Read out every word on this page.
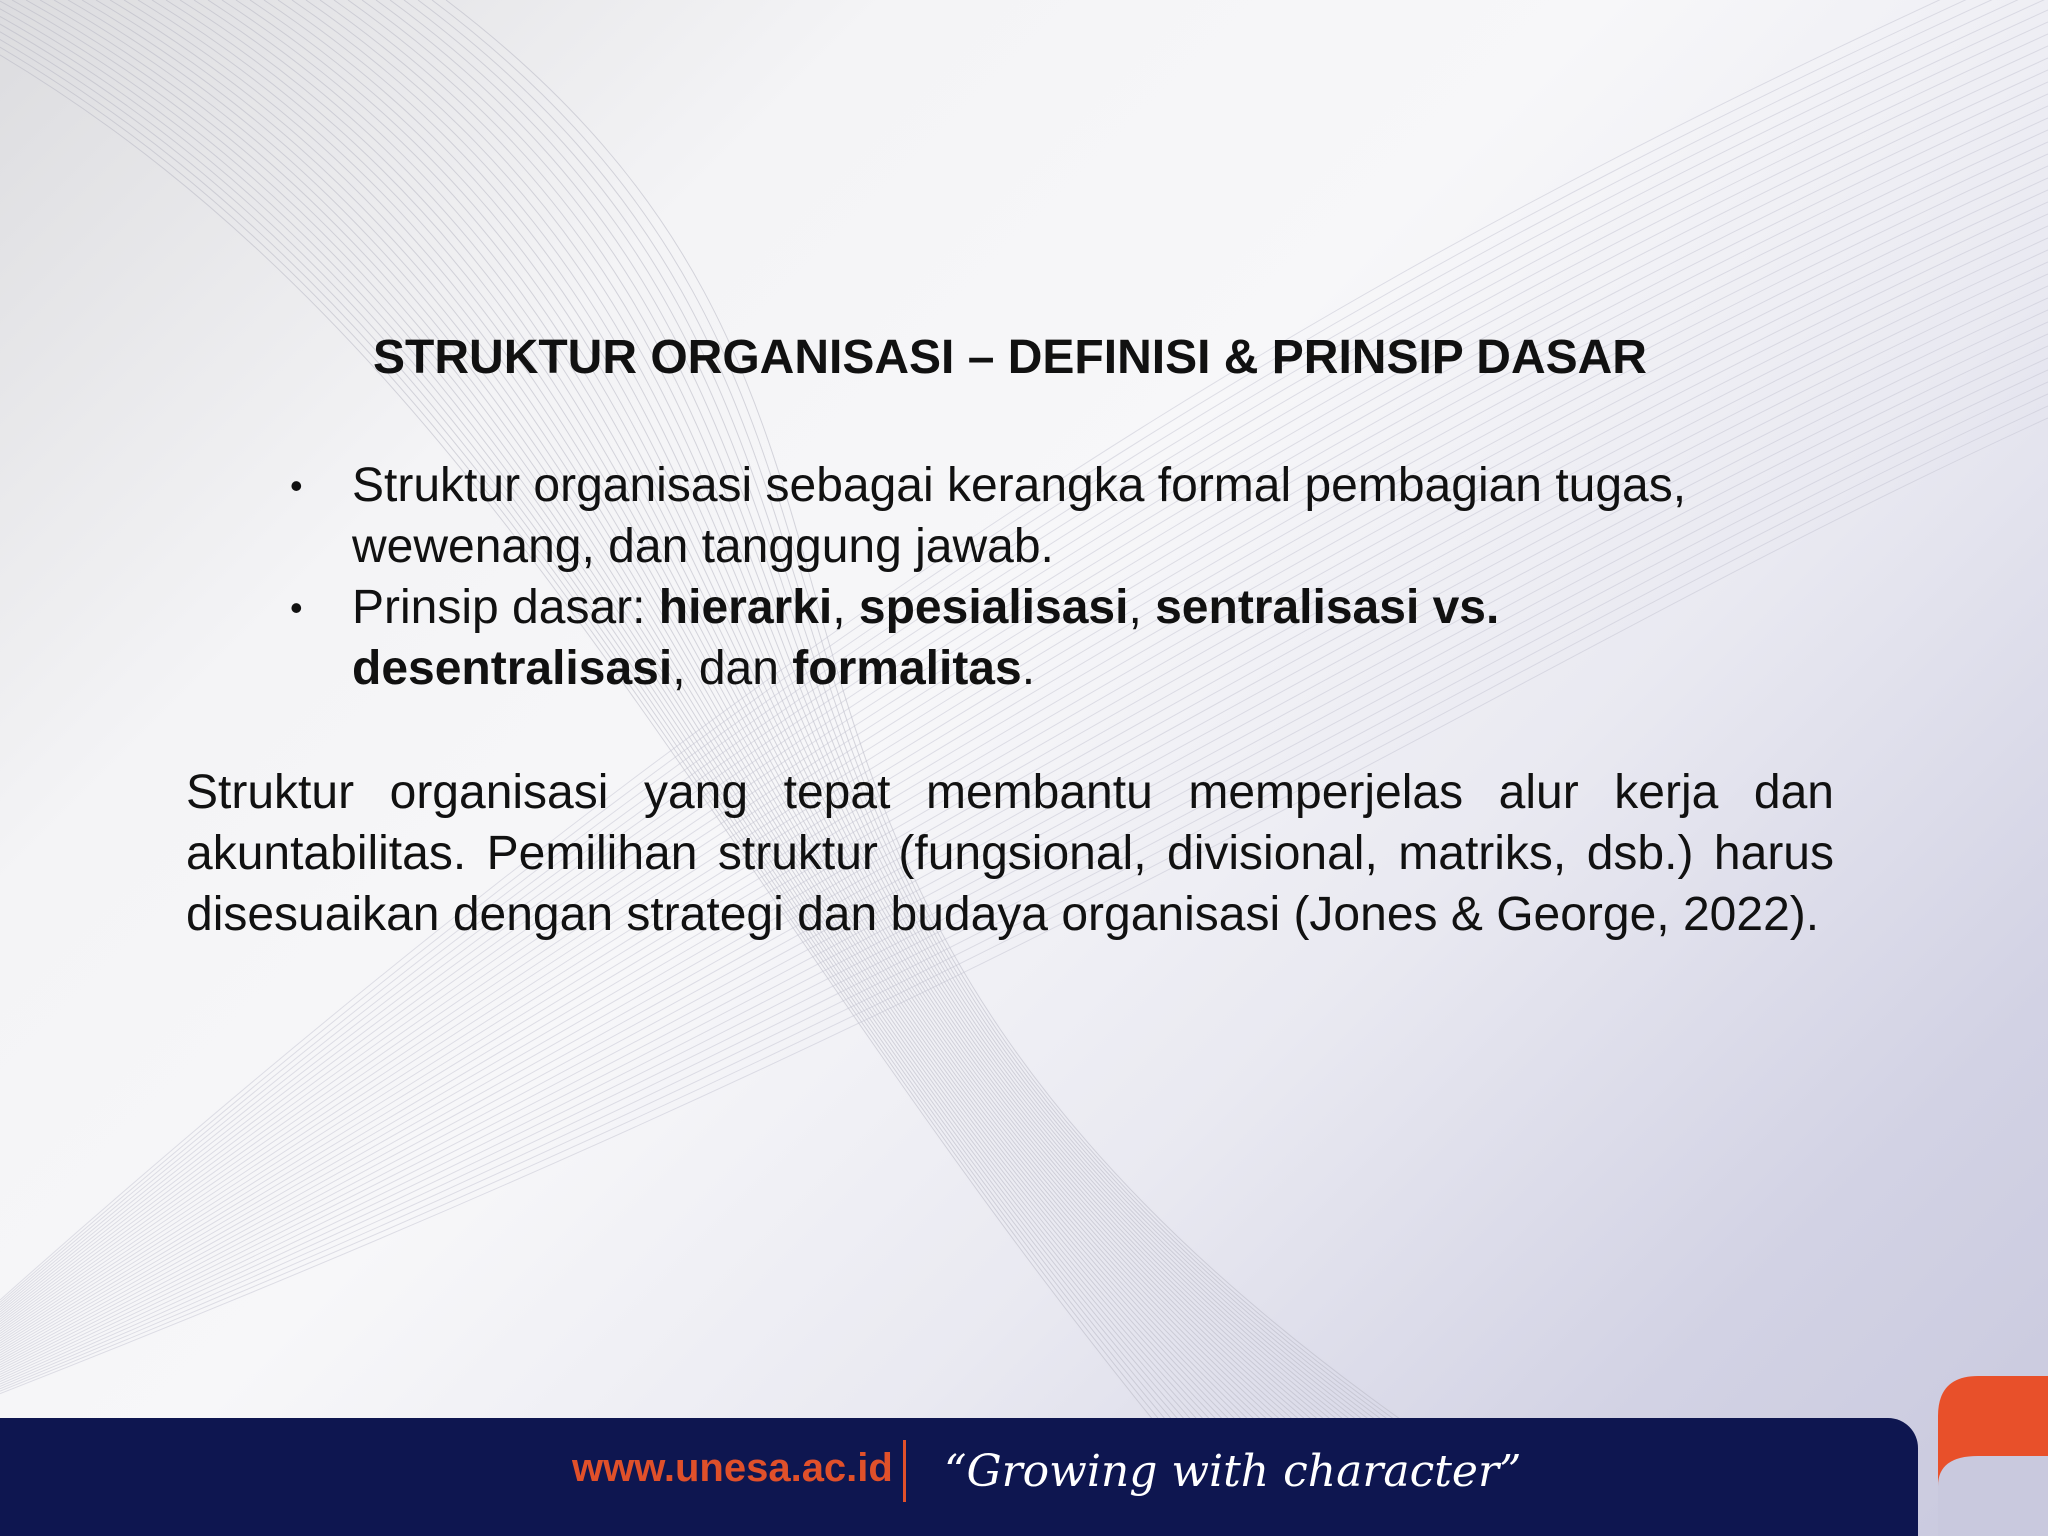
STRUKTUR ORGANISASI – DEFINISI & PRINSIP DASAR
• Struktur organisasi sebagai kerangka formal pembagian tugas, wewenang, dan tanggung jawab.
• Prinsip dasar: hierarki, spesialisasi, sentralisasi vs. desentralisasi, dan formalitas.
Struktur organisasi yang tepat membantu memperjelas alur kerja dan akuntabilitas. Pemilihan struktur (fungsional, divisional, matriks, dsb.) harus disesuaikan dengan strategi dan budaya organisasi (Jones & George, 2022).
www.unesa.ac.id “Growing with character”
